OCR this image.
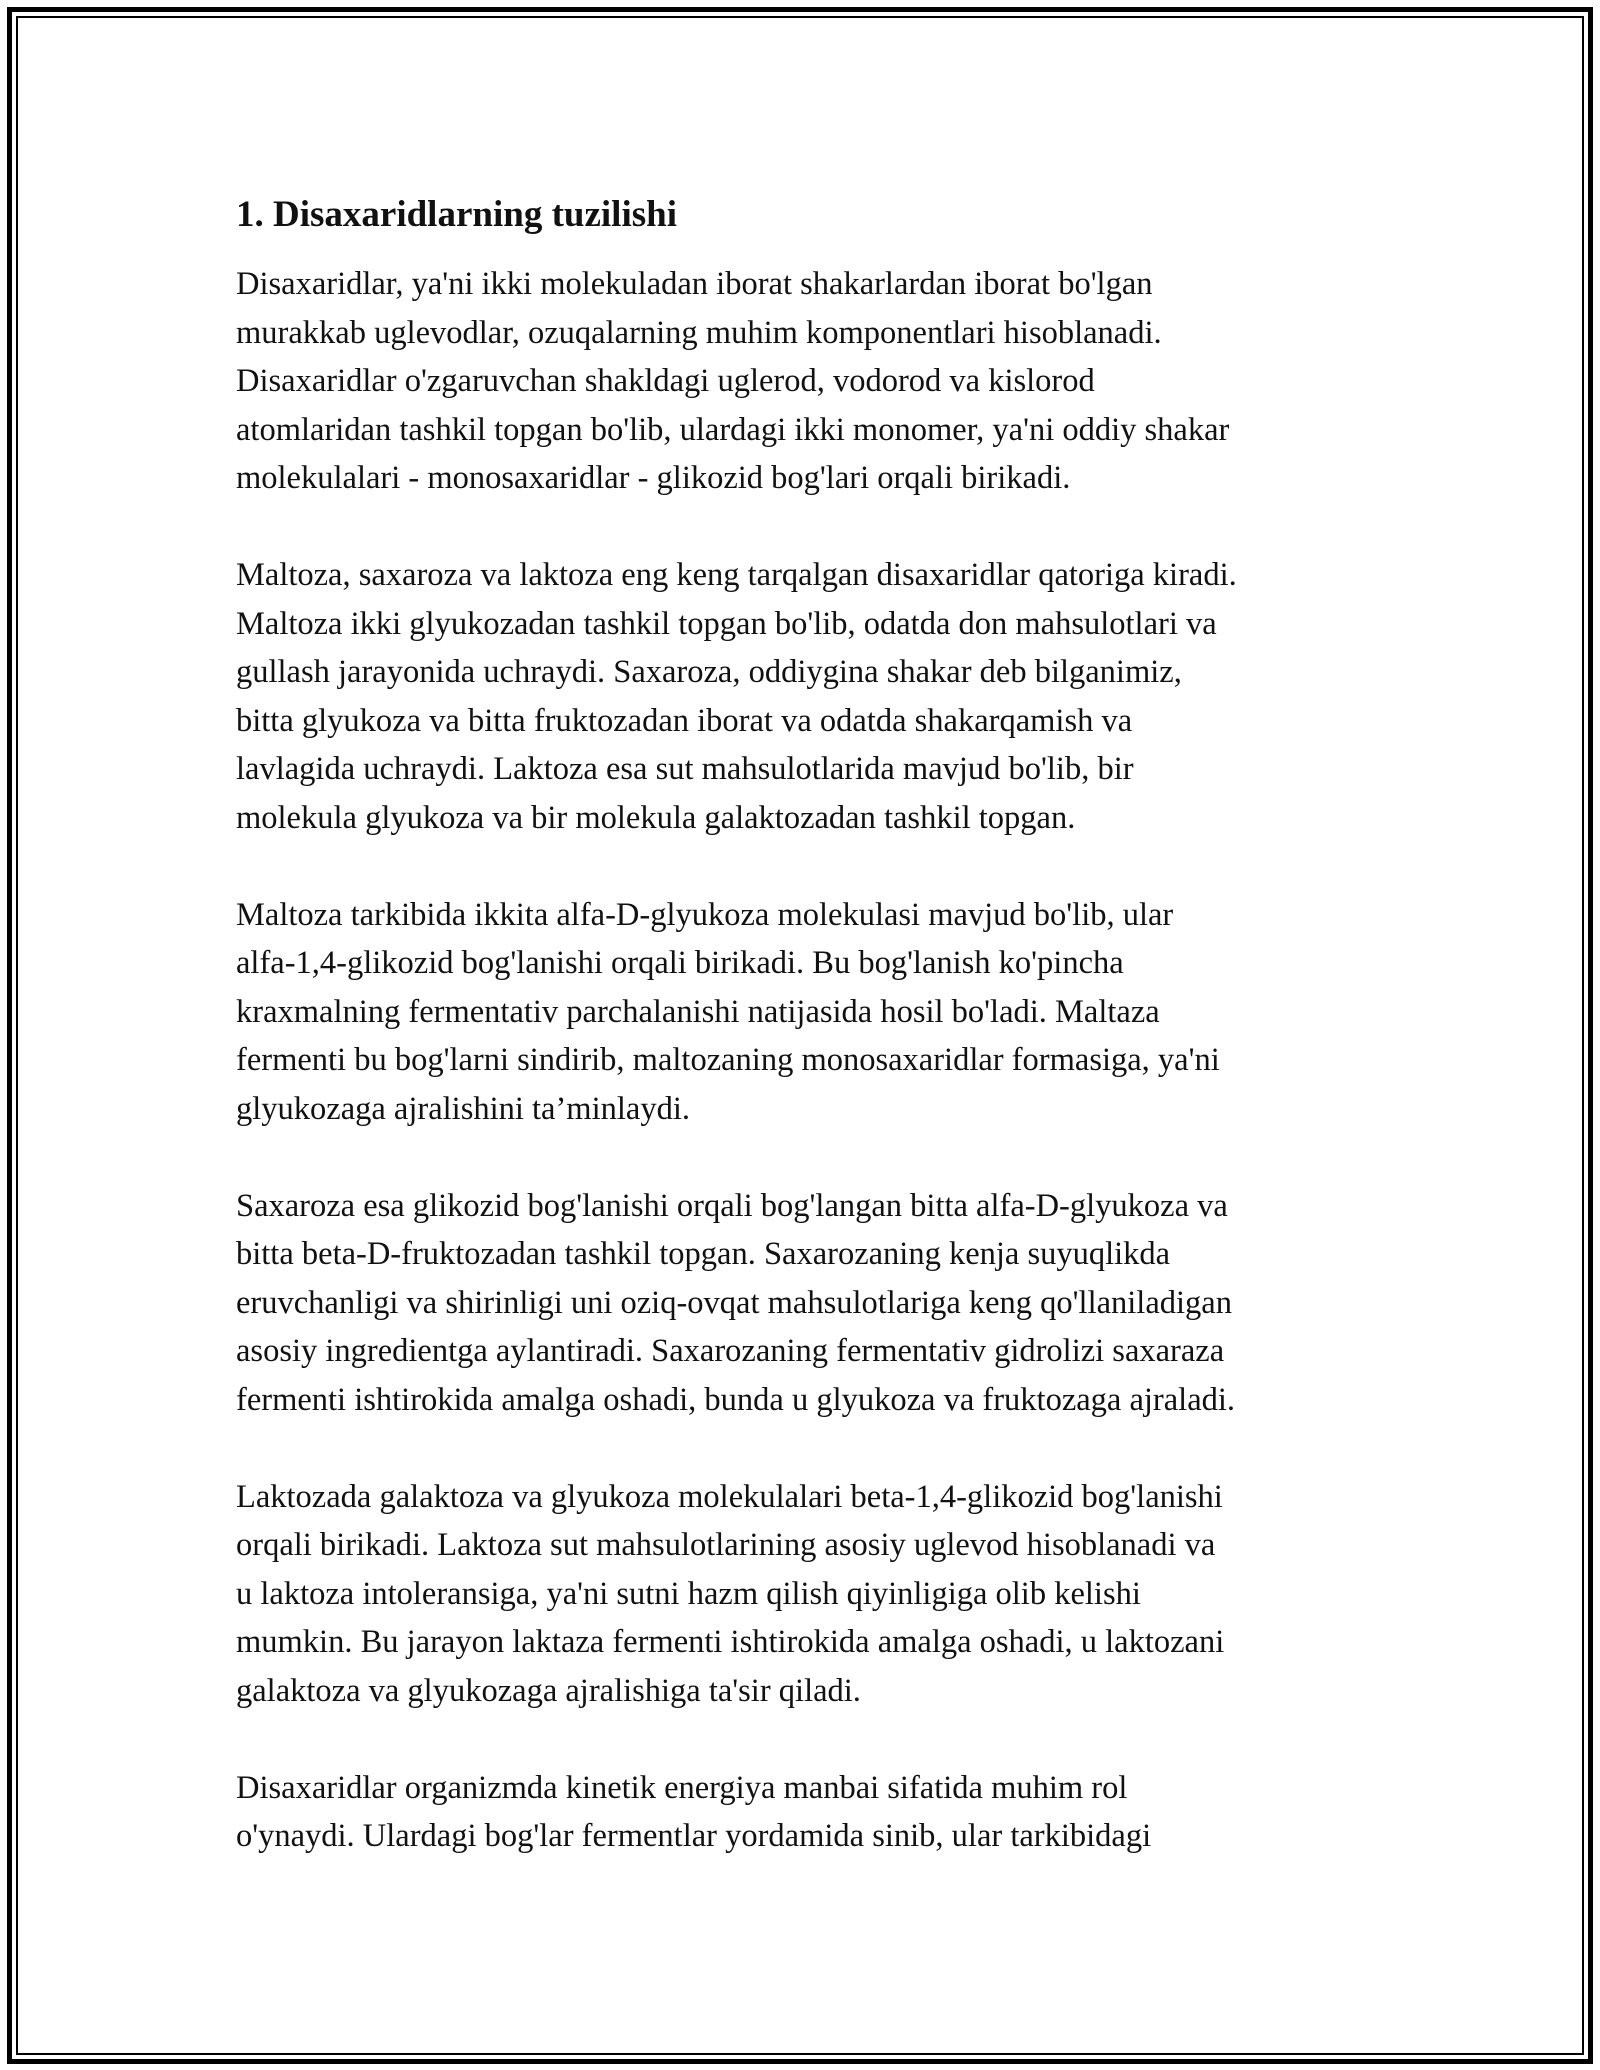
1. Disaxaridlarning tuzilishi

Disaxaridlar, ya'ni ikki molekuladan iborat shakarlardan iborat bo'lgan
murakkab uglevodlar, ozuqalarning muhim komponentlari hisoblanadi.
Disaxaridlar o'zgaruvchan shakldagi uglerod, vodorod va kislorod
atomlaridan tashkil topgan bo'lib, ulardagi ikki monomer, ya'ni oddiy shakar
molekulalari - monosaxaridlar - glikozid bog'lari orqali birikadi.

Maltoza, saxaroza va laktoza eng keng tarqalgan disaxaridlar qatoriga kiradi.
Maltoza ikki glyukozadan tashkil topgan bo'lib, odatda don mahsulotlari va
gullash jarayonida uchraydi. Saxaroza, oddiygina shakar deb bilganimiz,
bitta glyukoza va bitta fruktozadan iborat va odatda shakarqamish va
lavlagida uchraydi. Laktoza esa sut mahsulotlarida mavjud bo'lib, bir
molekula glyukoza va bir molekula galaktozadan tashkil topgan.

Maltoza tarkibida ikkita alfa-D-glyukoza molekulasi mavjud bo'lib, ular
alfa-1,4-glikozid bog'lanishi orqali birikadi. Bu bog'lanish ko'pincha
kraxmalning fermentativ parchalanishi natijasida hosil bo'ladi. Maltaza
fermenti bu bog'larni sindirib, maltozaning monosaxaridlar formasiga, ya'ni
glyukozaga ajralishini ta’minlaydi.

Saxaroza esa glikozid bog'lanishi orqali bog'langan bitta alfa-D-glyukoza va
bitta beta-D-fruktozadan tashkil topgan. Saxarozaning kenja suyuqlikda
eruvchanligi va shirinligi uni oziq-ovqat mahsulotlariga keng qo'llaniladigan
asosiy ingredientga aylantiradi. Saxarozaning fermentativ gidrolizi saxaraza
fermenti ishtirokida amalga oshadi, bunda u glyukoza va fruktozaga ajraladi.

Laktozada galaktoza va glyukoza molekulalari beta-1,4-glikozid bog'lanishi
orqali birikadi. Laktoza sut mahsulotlarining asosiy uglevod hisoblanadi va
u laktoza intoleransiga, ya'ni sutni hazm qilish qiyinligiga olib kelishi
mumkin. Bu jarayon laktaza fermenti ishtirokida amalga oshadi, u laktozani
galaktoza va glyukozaga ajralishiga ta'sir qiladi.

Disaxaridlar organizmda kinetik energiya manbai sifatida muhim rol
o'ynaydi. Ulardagi bog'lar fermentlar yordamida sinib, ular tarkibidagi
